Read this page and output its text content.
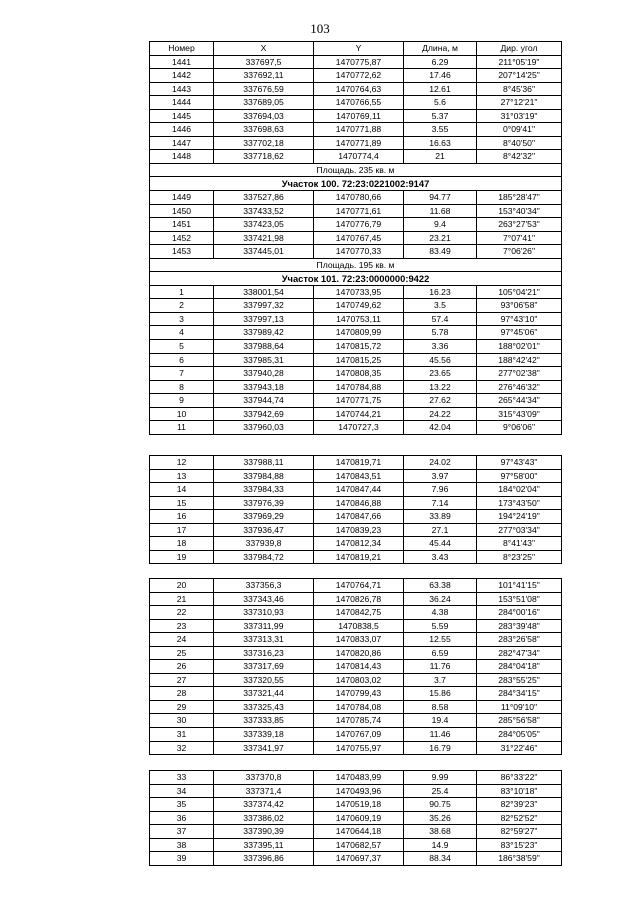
103
Номер	X	Y	Длина, м	Дир. угол
1441	337697,5	1470775,87	6.29	211°05'19"
1442	337692,11	1470772,62	17.46	207°14'25"
1443	337676,59	1470764,63	12.61	8°45'36"
1444	337689,05	1470766,55	5.6	27°12'21"
1445	337694,03	1470769,11	5.37	31°03'19"
1446	337698,63	1470771,88	3.55	0°09'41"
1447	337702,18	1470771,89	16.63	8°40'50"
1448	337718,62	1470774,4	21	8°42'32"
Площадь. 235 кв. м				
Участок 100. 72:23:0221002:9147				
1449	337527,86	1470780,66	94.77	185°28'47"
1450	337433,52	1470771,61	11.68	153°40'34"
1451	337423,05	1470776,79	9.4	263°27'53"
1452	337421,98	1470767,45	23.21	7°07'41"
1453	337445,01	1470770,33	83.49	7°06'26"
Площадь. 195 кв. м				
Участок 101. 72:23:0000000:9422				
1	338001,54	1470733,95	16.23	105°04'21"
2	337997,32	1470749,62	3.5	93°06'58"
3	337997,13	1470753,11	57.4	97°43'10"
4	337989,42	1470809,99	5.78	97°45'06"
5	337988,64	1470815,72	3.36	188°02'01"
6	337985,31	1470815,25	45.56	188°42'42"
7	337940,28	1470808,35	23.65	277°02'38"
8	337943,18	1470784,88	13.22	276°46'32"
9	337944,74	1470771,75	27.62	265°44'34"
10	337942,69	1470744,21	24.22	315°43'09"
11	337960,03	1470727,3	42.04	9°06'06"
12	337988,11	1470819,71	24.02	97°43'43"
13	337984,88	1470843,51	3.97	97°58'00"
14	337984,33	1470847,44	7.96	184°02'04"
15	337976,39	1470846,88	7.14	173°43'50"
16	337969,29	1470847,66	33.89	194°24'19"
17	337936,47	1470839,23	27.1	277°03'34"
18	337939,8	1470812,34	45.44	8°41'43"
19	337984,72	1470819,21	3.43	8°23'25"
20	337356,3	1470764,71	63.38	101°41'15"
21	337343,46	1470826,78	36.24	153°51'08"
22	337310,93	1470842,75	4.38	284°00'16"
23	337311,99	1470838,5	5.59	283°39'48"
24	337313,31	1470833,07	12.55	283°26'58"
25	337316,23	1470820,86	6.59	282°47'34"
26	337317,69	1470814,43	11.76	284°04'18"
27	337320,55	1470803,02	3.7	283°55'25"
28	337321,44	1470799,43	15.86	284°34'15"
29	337325,43	1470784,08	8.58	11°09'10"
30	337333,85	1470785,74	19.4	285°56'58"
31	337339,18	1470767,09	11.46	284°05'05"
32	337341,97	1470755,97	16.79	31°22'46"
33	337370,8	1470483,99	9.99	86°33'22"
34	337371,4	1470493,96	25.4	83°10'18"
35	337374,42	1470519,18	90.75	82°39'23"
36	337386,02	1470609,19	35.26	82°52'52"
37	337390,39	1470644,18	38.68	82°59'27"
38	337395,11	1470682,57	14.9	83°15'23"
39	337396,86	1470697,37	88.34	186°38'59"
